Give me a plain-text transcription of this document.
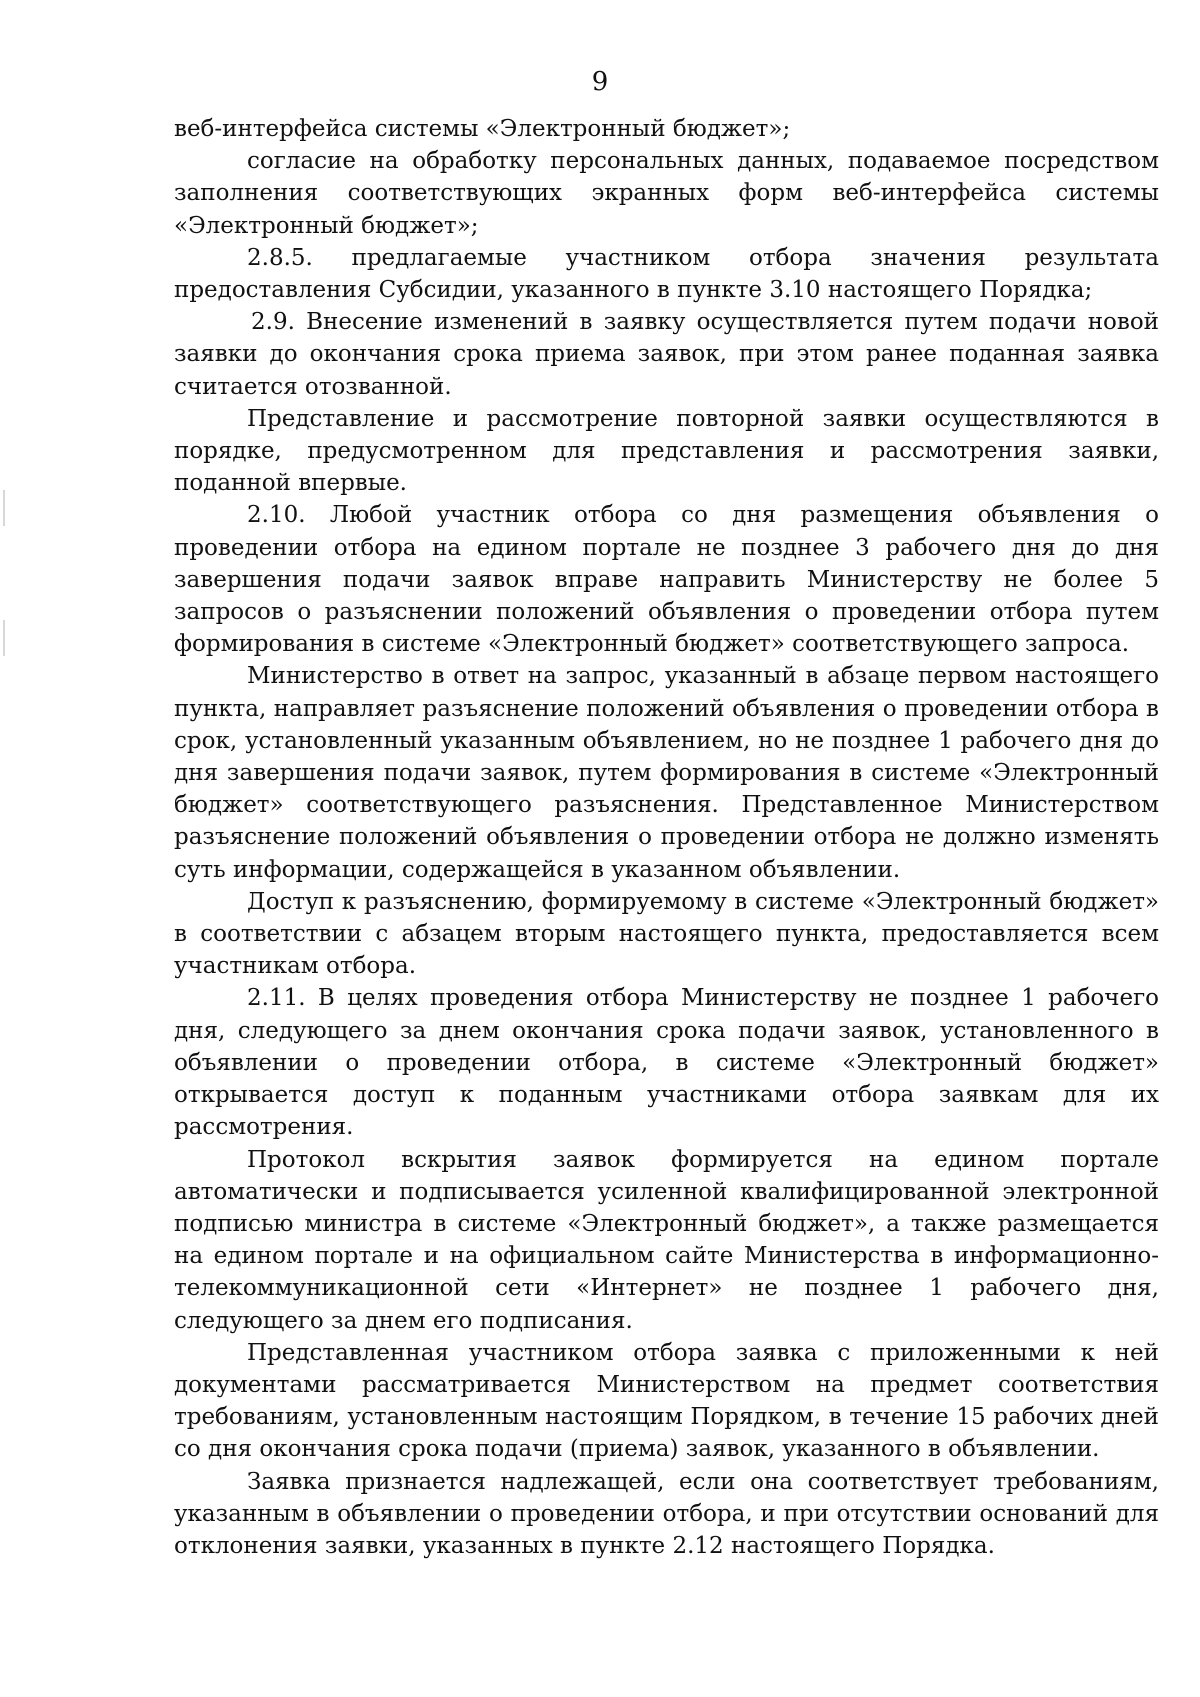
9

веб-интерфейса системы «Электронный бюджет»;

согласие на обработку персональных данных, подаваемое посредством заполнения соответствующих экранных форм веб-интерфейса системы «Электронный бюджет»;

2.8.5. предлагаемые участником отбора значения результата предоставления Субсидии, указанного в пункте 3.10 настоящего Порядка;

2.9. Внесение изменений в заявку осуществляется путем подачи новой заявки до окончания срока приема заявок, при этом ранее поданная заявка считается отозванной.

Представление и рассмотрение повторной заявки осуществляются в порядке, предусмотренном для представления и рассмотрения заявки, поданной впервые.

2.10. Любой участник отбора со дня размещения объявления о проведении отбора на едином портале не позднее 3 рабочего дня до дня завершения подачи заявок вправе направить Министерству не более 5 запросов о разъяснении положений объявления о проведении отбора путем формирования в системе «Электронный бюджет» соответствующего запроса.

Министерство в ответ на запрос, указанный в абзаце первом настоящего пункта, направляет разъяснение положений объявления о проведении отбора в срок, установленный указанным объявлением, но не позднее 1 рабочего дня до дня завершения подачи заявок, путем формирования в системе «Электронный бюджет» соответствующего разъяснения. Представленное Министерством разъяснение положений объявления о проведении отбора не должно изменять суть информации, содержащейся в указанном объявлении.

Доступ к разъяснению, формируемому в системе «Электронный бюджет» в соответствии с абзацем вторым настоящего пункта, предоставляется всем участникам отбора.

2.11. В целях проведения отбора Министерству не позднее 1 рабочего дня, следующего за днем окончания срока подачи заявок, установленного в объявлении о проведении отбора, в системе «Электронный бюджет» открывается доступ к поданным участниками отбора заявкам для их рассмотрения.

Протокол вскрытия заявок формируется на едином портале автоматически и подписывается усиленной квалифицированной электронной подписью министра в системе «Электронный бюджет», а также размещается на едином портале и на официальном сайте Министерства в информационно-телекоммуникационной сети «Интернет» не позднее 1 рабочего дня, следующего за днем его подписания.

Представленная участником отбора заявка с приложенными к ней документами рассматривается Министерством на предмет соответствия требованиям, установленным настоящим Порядком, в течение 15 рабочих дней со дня окончания срока подачи (приема) заявок, указанного в объявлении.

Заявка признается надлежащей, если она соответствует требованиям, указанным в объявлении о проведении отбора, и при отсутствии оснований для отклонения заявки, указанных в пункте 2.12 настоящего Порядка.
